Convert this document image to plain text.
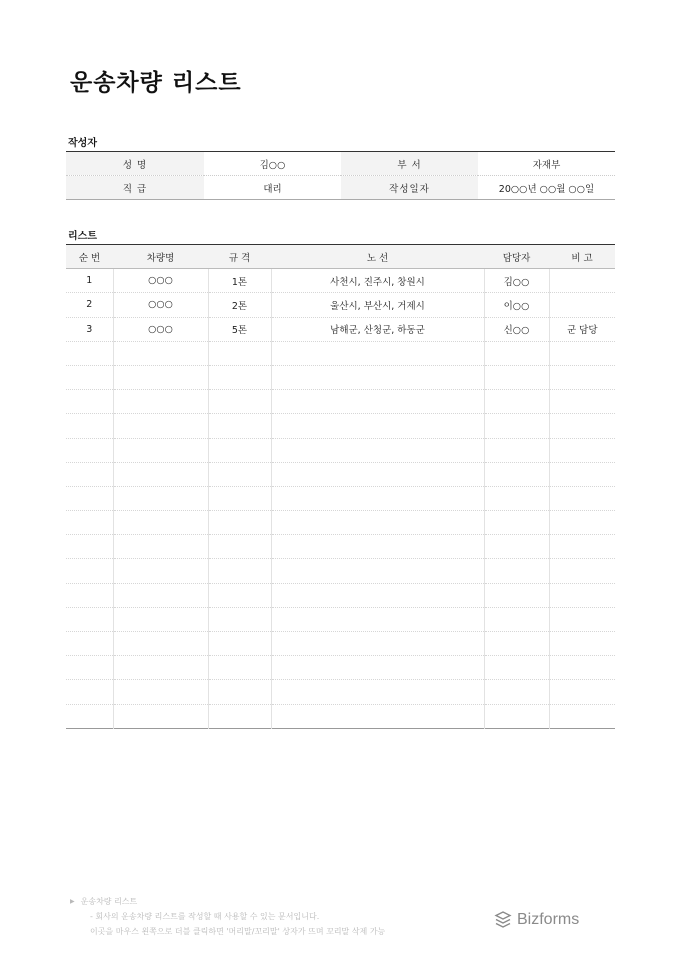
운송차량 리스트
작성자
성 명	김○○	부 서	자재부
직 급	대리	작성일자	20○○년 ○○월 ○○일
리스트
순 번	차량명	규 격	노 선	담당자	비 고
1	○○○	1톤	사천시, 진주시, 창원시	김○○	
2	○○○	2톤	울산시, 부산시, 거제시	이○○	
3	○○○	5톤	남해군, 산청군, 하동군	신○○	군 담당

▶ 운송차량 리스트
- 회사의 운송차량 리스트를 작성할 때 사용할 수 있는 문서입니다.
이곳을 마우스 왼쪽으로 더블 클릭하면 '머리말/꼬리말' 상자가 뜨며 꼬리말 삭제 가능
Bizforms
